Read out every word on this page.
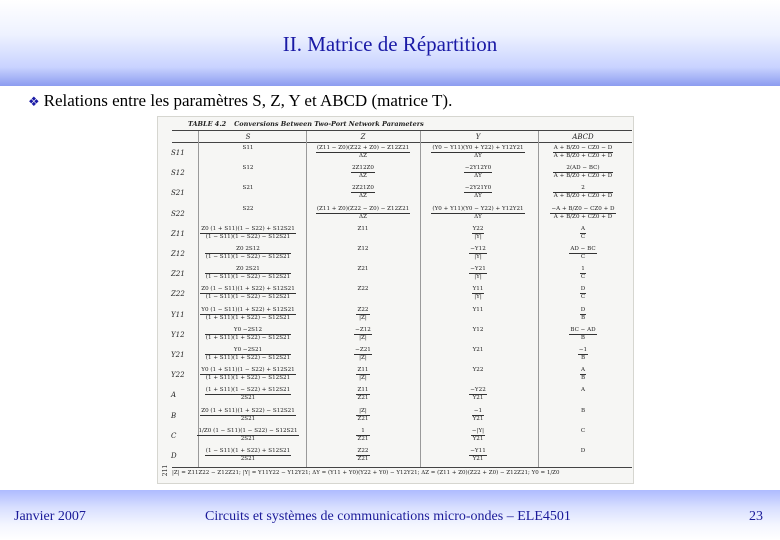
II. Matrice de Répartition
❖ Relations entre les paramètres S, Z, Y et ABCD (matrice T).
TABLE 4.2 Conversions Between Two-Port Network Parameters
S	Z	Y	ABCD
S11
S11	$\frac{(Z11 - Z0)(Z22 + Z0) - Z12Z21}{\Delta Z}$	$\frac{(Y0 - Y11)(Y0 + Y22) + Y12Y21}{\Delta Y}$	$\frac{A + B/Z0 - CZ0 - D}{A + B/Z0 + CZ0 + D}$
S12
S12	$\frac{2Z12Z0}{\Delta Z}$	$\frac{-2Y12Y0}{\Delta Y}$	$\frac{2(AD - BC)}{A + B/Z0 + CZ0 + D}$
S21
S21	$\frac{2Z21Z0}{\Delta Z}$	$\frac{-2Y21Y0}{\Delta Y}$	$\frac{2}{A + B/Z0 + CZ0 + D}$
S22
S22	$\frac{(Z11 + Z0)(Z22 - Z0) - Z12Z21}{\Delta Z}$	$\frac{(Y0 + Y11)(Y0 - Y22) + Y12Y21}{\Delta Y}$	$\frac{-A + B/Z0 - CZ0 + D}{A + B/Z0 + CZ0 + D}$
Z11	$\frac{Z0 (1 + S11)(1 - S22) + S12S21}{(1 - S11)(1 - S22) - S12S21}$	Z11	$\frac{Y22}{|Y|}$	$\frac{A}{C}$
Z12	$\frac{Z0 2S12}{(1 - S11)(1 - S22) - S12S21}$	Z12	$\frac{-Y12}{|Y|}$	$\frac{AD - BC}{C}$
Z21	$\frac{Z0 2S21}{(1 - S11)(1 - S22) - S12S21}$	Z21	$\frac{-Y21}{|Y|}$	$\frac{1}{C}$
Z22	$\frac{Z0 (1 - S11)(1 + S22) + S12S21}{(1 - S11)(1 - S22) - S12S21}$	Z22	$\frac{Y11}{|Y|}$	$\frac{D}{C}$
Y11	$\frac{Y0 (1 - S11)(1 + S22) + S12S21}{(1 + S11)(1 + S22) - S12S21}$	$\frac{Z22}{|Z|}$	Y11	$\frac{D}{B}$
Y12	$\frac{Y0 -2S12}{(1 + S11)(1 + S22) - S12S21}$	$\frac{-Z12}{|Z|}$	Y12	$\frac{BC - AD}{B}$
Y21	$\frac{Y0 -2S21}{(1 + S11)(1 + S22) - S12S21}$	$\frac{-Z21}{|Z|}$	Y21	$\frac{-1}{B}$
Y22	$\frac{Y0 (1 + S11)(1 - S22) + S12S21}{(1 + S11)(1 + S22) - S12S21}$	$\frac{Z11}{|Z|}$	Y22	$\frac{A}{B}$
A	$\frac{(1 + S11)(1 - S22) + S12S21}{2S21}$	$\frac{Z11}{Z21}$	$\frac{-Y22}{Y21}$	A
B	$\frac{Z0 (1 + S11)(1 + S22) - S12S21}{2S21}$	$\frac{|Z|}{Z21}$	$\frac{-1}{Y21}$	B
C	$\frac{1/Z0 (1 - S11)(1 - S22) - S12S21}{2S21}$	$\frac{1}{Z21}$	$\frac{-|Y|}{Y21}$	C
D	$\frac{(1 - S11)(1 + S22) + S12S21}{2S21}$	$\frac{Z22}{Z21}$	$\frac{-Y11}{Y21}$	D
|Z| = Z11Z22 − Z12Z21; |Y| = Y11Y22 − Y12Y21; ΔY = (Y11 + Y0)(Y22 + Y0) − Y12Y21; ΔZ = (Z11 + Z0)(Z22 + Z0) − Z12Z21; Y0 = 1/Z0
211
Janvier 2007	Circuits et systèmes de communications micro-ondes – ELE4501	23
